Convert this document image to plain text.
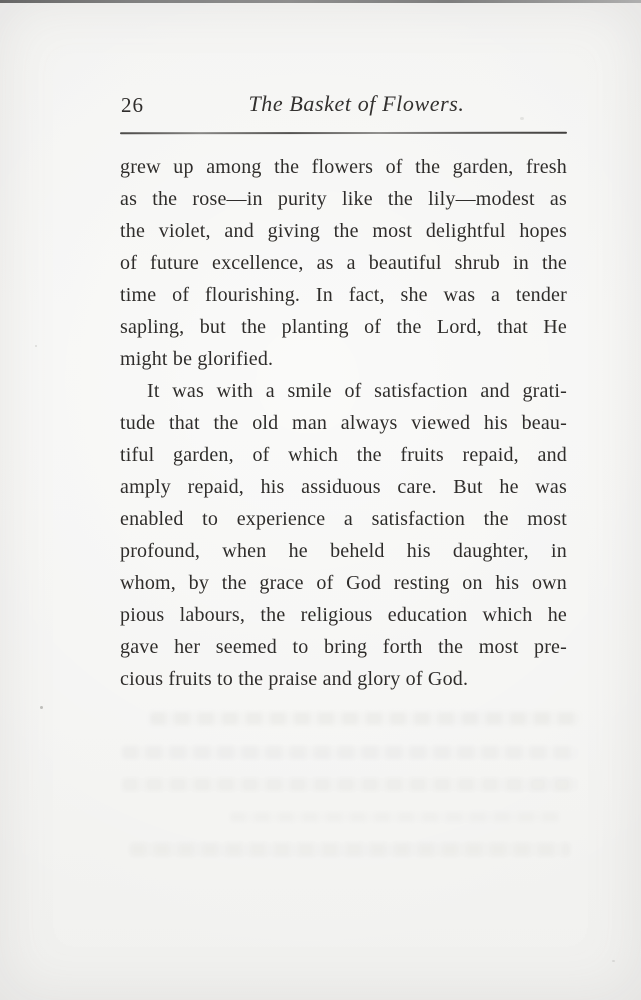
26	The Basket of Flowers.
grew up among the flowers of the garden, fresh
as the rose—in purity like the lily—modest as
the violet, and giving the most delightful hopes
of future excellence, as a beautiful shrub in the
time of flourishing. In fact, she was a tender
sapling, but the planting of the Lord, that He
might be glorified.
It was with a smile of satisfaction and grati-
tude that the old man always viewed his beau-
tiful garden, of which the fruits repaid, and
amply repaid, his assiduous care. But he was
enabled to experience a satisfaction the most
profound, when he beheld his daughter, in
whom, by the grace of God resting on his own
pious labours, the religious education which he
gave her seemed to bring forth the most pre-
cious fruits to the praise and glory of God.
